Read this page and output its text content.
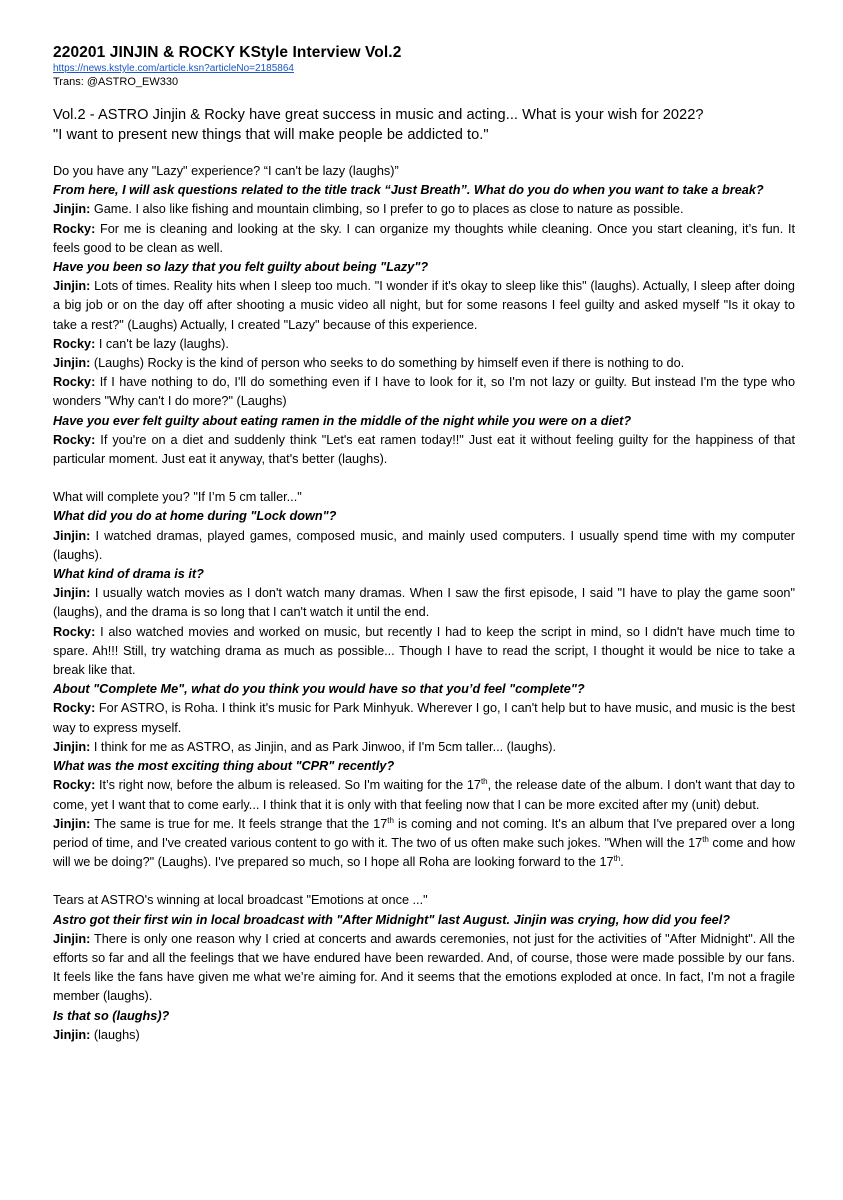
220201 JINJIN & ROCKY KStyle Interview Vol.2

https://news.kstyle.com/article.ksn?articleNo=2185864

Trans: @ASTRO_EW330

Vol.2 - ASTRO Jinjin & Rocky have great success in music and acting... What is your wish for 2022?
"I want to present new things that will make people be addicted to."

Do you have any "Lazy" experience? “I can't be lazy (laughs)”

From here, I will ask questions related to the title track “Just Breath”. What do you do when you want to take a break?

Jinjin: Game. I also like fishing and mountain climbing, so I prefer to go to places as close to nature as possible.

Rocky: For me is cleaning and looking at the sky. I can organize my thoughts while cleaning. Once you start cleaning, it’s fun. It feels good to be clean as well.

Have you been so lazy that you felt guilty about being "Lazy"?

Jinjin: Lots of times. Reality hits when I sleep too much. "I wonder if it's okay to sleep like this" (laughs). Actually, I sleep after doing a big job or on the day off after shooting a music video all night, but for some reasons I feel guilty and asked myself "Is it okay to take a rest?" (Laughs) Actually, I created "Lazy" because of this experience.

Rocky: I can't be lazy (laughs).

Jinjin: (Laughs) Rocky is the kind of person who seeks to do something by himself even if there is nothing to do.

Rocky: If I have nothing to do, I'll do something even if I have to look for it, so I'm not lazy or guilty. But instead I'm the type who wonders "Why can't I do more?" (Laughs)

Have you ever felt guilty about eating ramen in the middle of the night while you were on a diet?

Rocky: If you're on a diet and suddenly think "Let's eat ramen today!!" Just eat it without feeling guilty for the happiness of that particular moment. Just eat it anyway, that's better (laughs).

What will complete you? "If I’m 5 cm taller..."

What did you do at home during "Lock down"?

Jinjin: I watched dramas, played games, composed music, and mainly used computers. I usually spend time with my computer (laughs).

What kind of drama is it?

Jinjin: I usually watch movies as I don't watch many dramas. When I saw the first episode, I said "I have to play the game soon" (laughs), and the drama is so long that I can't watch it until the end.

Rocky: I also watched movies and worked on music, but recently I had to keep the script in mind, so I didn't have much time to spare. Ah!!! Still, try watching drama as much as possible... Though I have to read the script, I thought it would be nice to take a break like that.

About "Complete Me", what do you think you would have so that you’d feel "complete"?

Rocky: For ASTRO, is Roha. I think it's music for Park Minhyuk. Wherever I go, I can't help but to have music, and music is the best way to express myself.

Jinjin: I think for me as ASTRO, as Jinjin, and as Park Jinwoo, if I'm 5cm taller... (laughs).

What was the most exciting thing about "CPR" recently?

Rocky: It’s right now, before the album is released. So I'm waiting for the 17th, the release date of the album. I don't want that day to come, yet I want that to come early... I think that it is only with that feeling now that I can be more excited after my (unit) debut.

Jinjin: The same is true for me. It feels strange that the 17th is coming and not coming. It's an album that I've prepared over a long period of time, and I've created various content to go with it. The two of us often make such jokes. "When will the 17th come and how will we be doing?" (Laughs). I've prepared so much, so I hope all Roha are looking forward to the 17th.

Tears at ASTRO's winning at local broadcast "Emotions at once ..."

Astro got their first win in local broadcast with "After Midnight" last August. Jinjin was crying, how did you feel?

Jinjin: There is only one reason why I cried at concerts and awards ceremonies, not just for the activities of "After Midnight". All the efforts so far and all the feelings that we have endured have been rewarded. And, of course, those were made possible by our fans. It feels like the fans have given me what we’re aiming for. And it seems that the emotions exploded at once. In fact, I'm not a fragile member (laughs).

Is that so (laughs)?

Jinjin: (laughs)
